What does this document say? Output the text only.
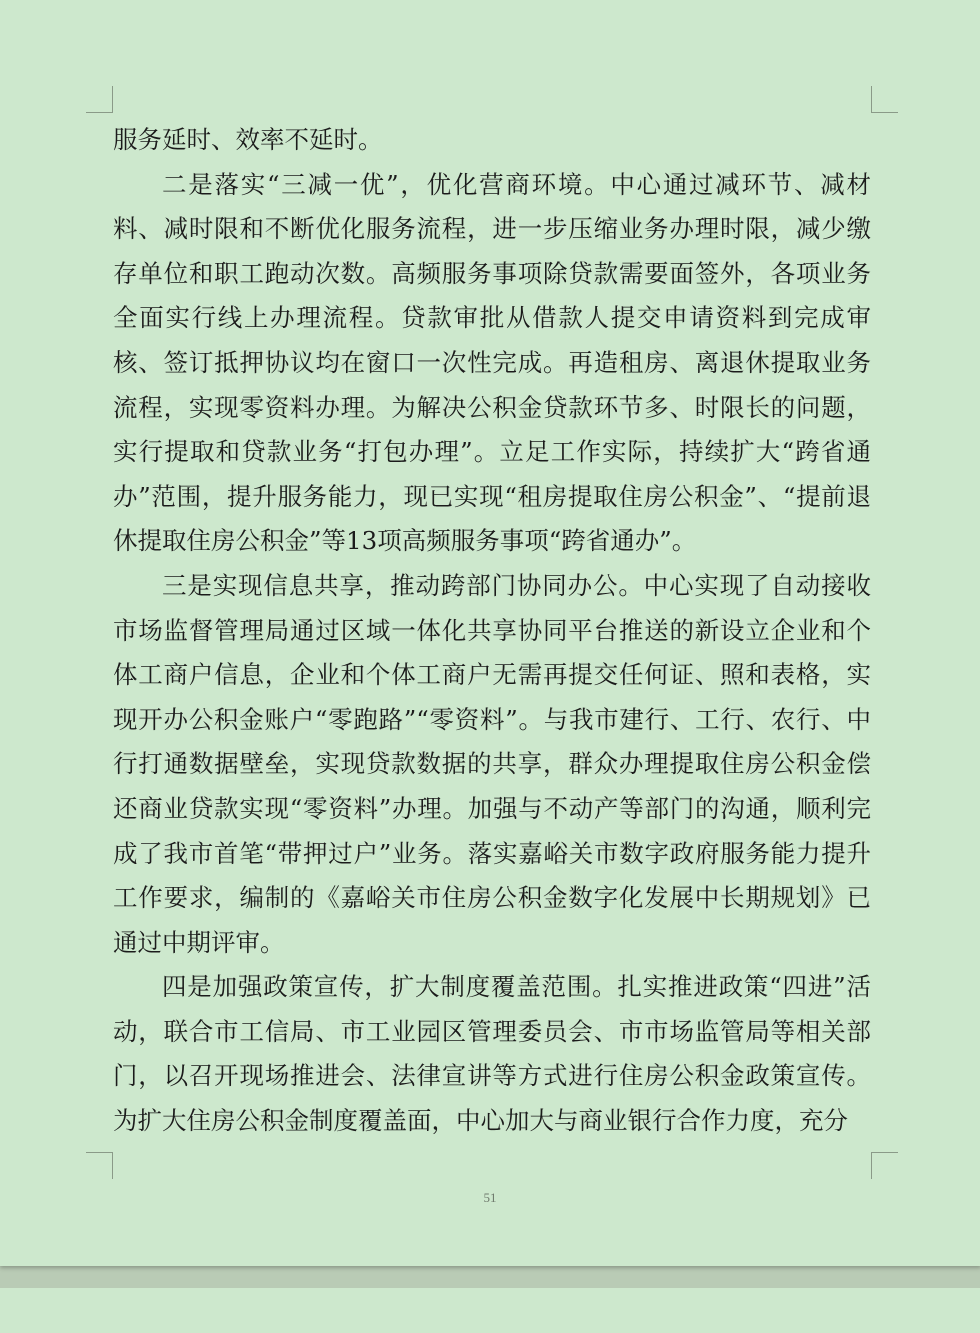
服务延时、效率不延时。

二是落实“三减一优”，优化营商环境。中心通过减环节、减材料、减时限和不断优化服务流程，进一步压缩业务办理时限，减少缴存单位和职工跑动次数。高频服务事项除贷款需要面签外，各项业务全面实行线上办理流程。贷款审批从借款人提交申请资料到完成审核、签订抵押协议均在窗口一次性完成。再造租房、离退休提取业务流程，实现零资料办理。为解决公积金贷款环节多、时限长的问题，实行提取和贷款业务“打包办理”。立足工作实际，持续扩大“跨省通办”范围，提升服务能力，现已实现“租房提取住房公积金”、“提前退休提取住房公积金”等13项高频服务事项“跨省通办”。

三是实现信息共享，推动跨部门协同办公。中心实现了自动接收市场监督管理局通过区域一体化共享协同平台推送的新设立企业和个体工商户信息，企业和个体工商户无需再提交任何证、照和表格，实现开办公积金账户“零跑路”“零资料”。与我市建行、工行、农行、中行打通数据壁垒，实现贷款数据的共享，群众办理提取住房公积金偿还商业贷款实现“零资料”办理。加强与不动产等部门的沟通，顺利完成了我市首笔“带押过户”业务。落实嘉峪关市数字政府服务能力提升工作要求，编制的《嘉峪关市住房公积金数字化发展中长期规划》已通过中期评审。

四是加强政策宣传，扩大制度覆盖范围。扎实推进政策“四进”活动，联合市工信局、市工业园区管理委员会、市市场监管局等相关部门，以召开现场推进会、法律宣讲等方式进行住房公积金政策宣传。为扩大住房公积金制度覆盖面，中心加大与商业银行合作力度，充分

51
